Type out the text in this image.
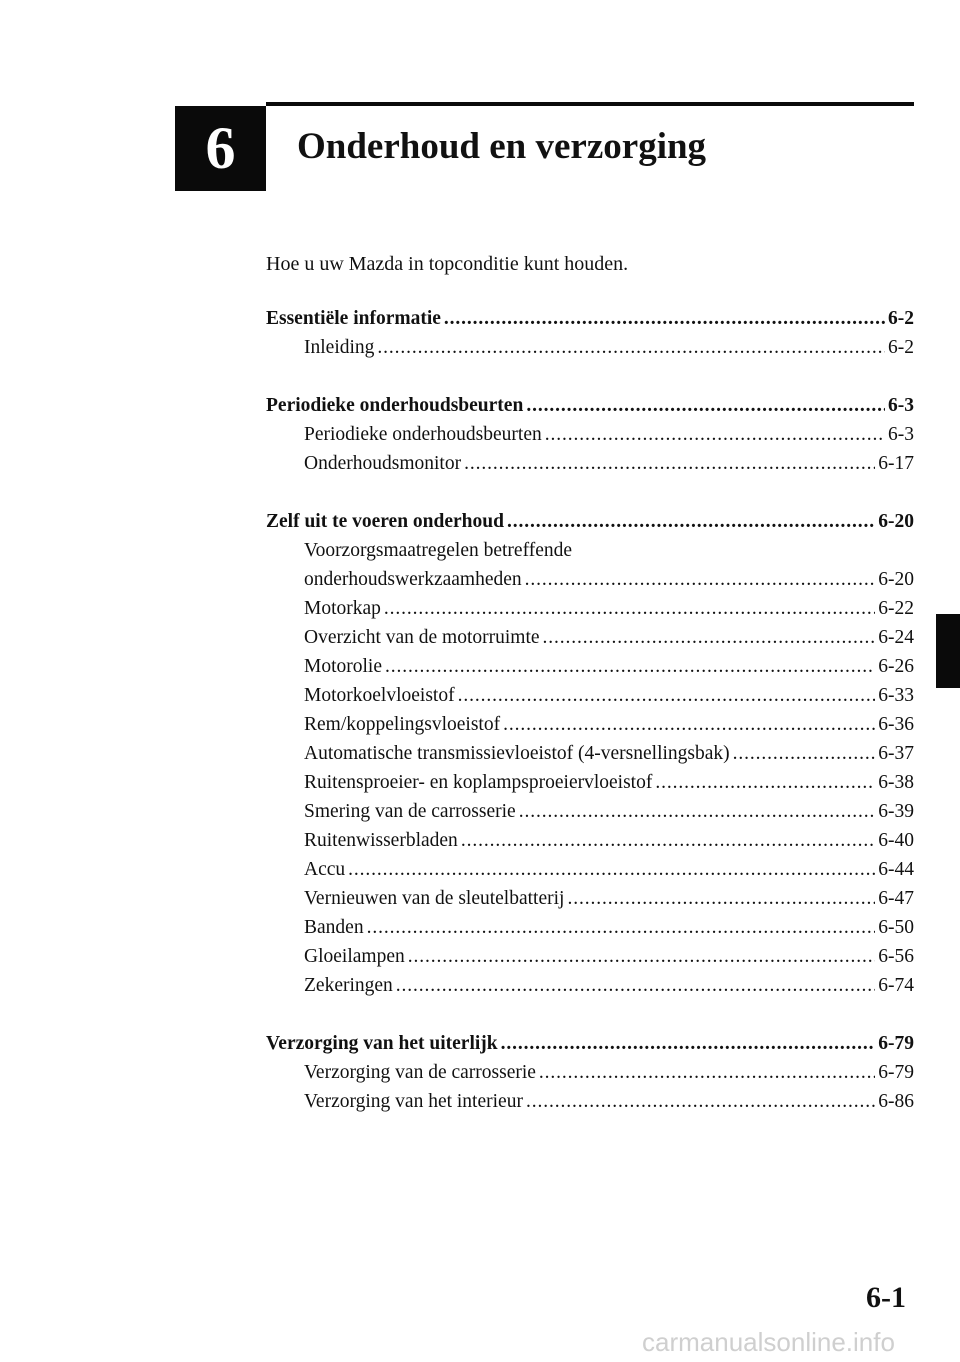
6 Onderhoud en verzorging
Hoe u uw Mazda in topconditie kunt houden.
Essentiële informatie . . .	6-2
Inleiding . . .	6-2
Periodieke onderhoudsbeurten . . .	6-3
Periodieke onderhoudsbeurten . . .	6-3
Onderhoudsmonitor . . .	6-17
Zelf uit te voeren onderhoud . . .	6-20
Voorzorgsmaatregelen betreffende
onderhoudswerkzaamheden . . .	6-20
Motorkap . . .	6-22
Overzicht van de motorruimte . . .	6-24
Motorolie . . .	6-26
Motorkoelvloeistof . . .	6-33
Rem/koppelingsvloeistof . . .	6-36
Automatische transmissievloeistof (4-versnellingsbak) . . .	6-37
Ruitensproeier- en koplampsproeiervloeistof . . .	6-38
Smering van de carrosserie . . .	6-39
Ruitenwisserbladen . . .	6-40
Accu . . .	6-44
Vernieuwen van de sleutelbatterij . . .	6-47
Banden . . .	6-50
Gloeilampen . . .	6-56
Zekeringen . . .	6-74
Verzorging van het uiterlijk . . .	6-79
Verzorging van de carrosserie . . .	6-79
Verzorging van het interieur . . .	6-86
6-1
carmanualsonline.info
